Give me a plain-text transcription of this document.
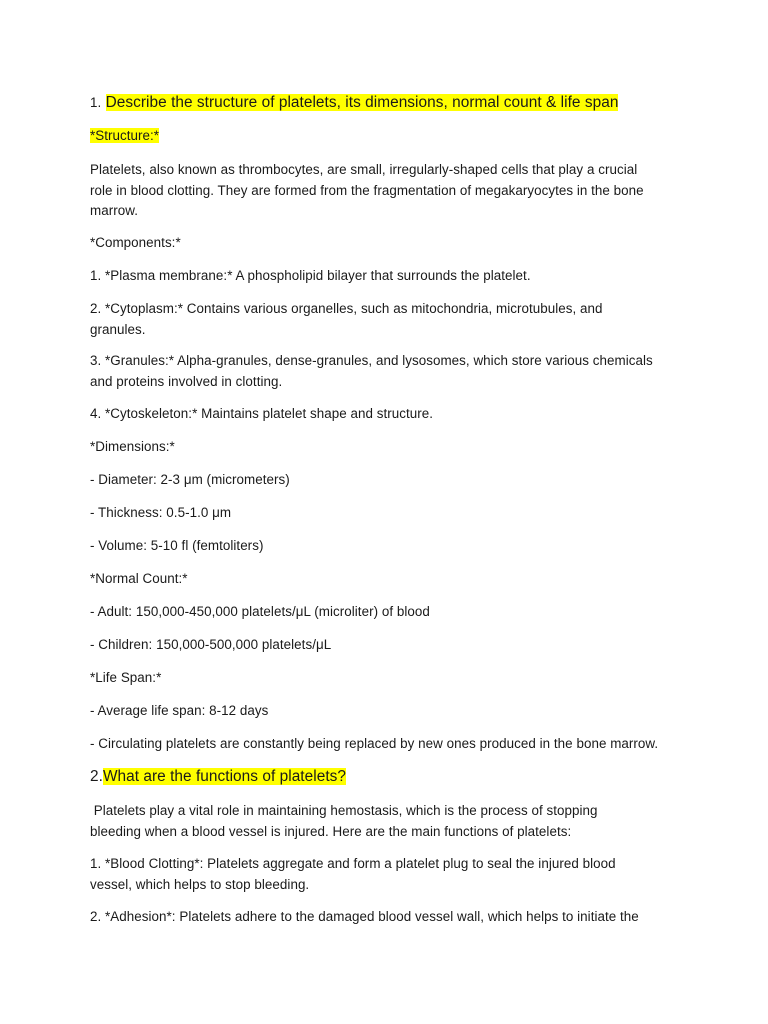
1. Describe the structure of platelets, its dimensions, normal count & life span

*Structure:*

Platelets, also known as thrombocytes, are small, irregularly-shaped cells that play a crucial

role in blood clotting. They are formed from the fragmentation of megakaryocytes in the bone

marrow.

*Components:*

1. *Plasma membrane:* A phospholipid bilayer that surrounds the platelet.

2. *Cytoplasm:* Contains various organelles, such as mitochondria, microtubules, and

granules.

3. *Granules:* Alpha-granules, dense-granules, and lysosomes, which store various chemicals

and proteins involved in clotting.

4. *Cytoskeleton:* Maintains platelet shape and structure.

*Dimensions:*

- Diameter: 2-3 μm (micrometers)

- Thickness: 0.5-1.0 μm

- Volume: 5-10 fl (femtoliters)

*Normal Count:*

- Adult: 150,000-450,000 platelets/μL (microliter) of blood

- Children: 150,000-500,000 platelets/μL

*Life Span:*

- Average life span: 8-12 days

- Circulating platelets are constantly being replaced by new ones produced in the bone marrow.

2.What are the functions of platelets?

Platelets play a vital role in maintaining hemostasis, which is the process of stopping

bleeding when a blood vessel is injured. Here are the main functions of platelets:

1. *Blood Clotting*: Platelets aggregate and form a platelet plug to seal the injured blood

vessel, which helps to stop bleeding.

2. *Adhesion*: Platelets adhere to the damaged blood vessel wall, which helps to initiate the
